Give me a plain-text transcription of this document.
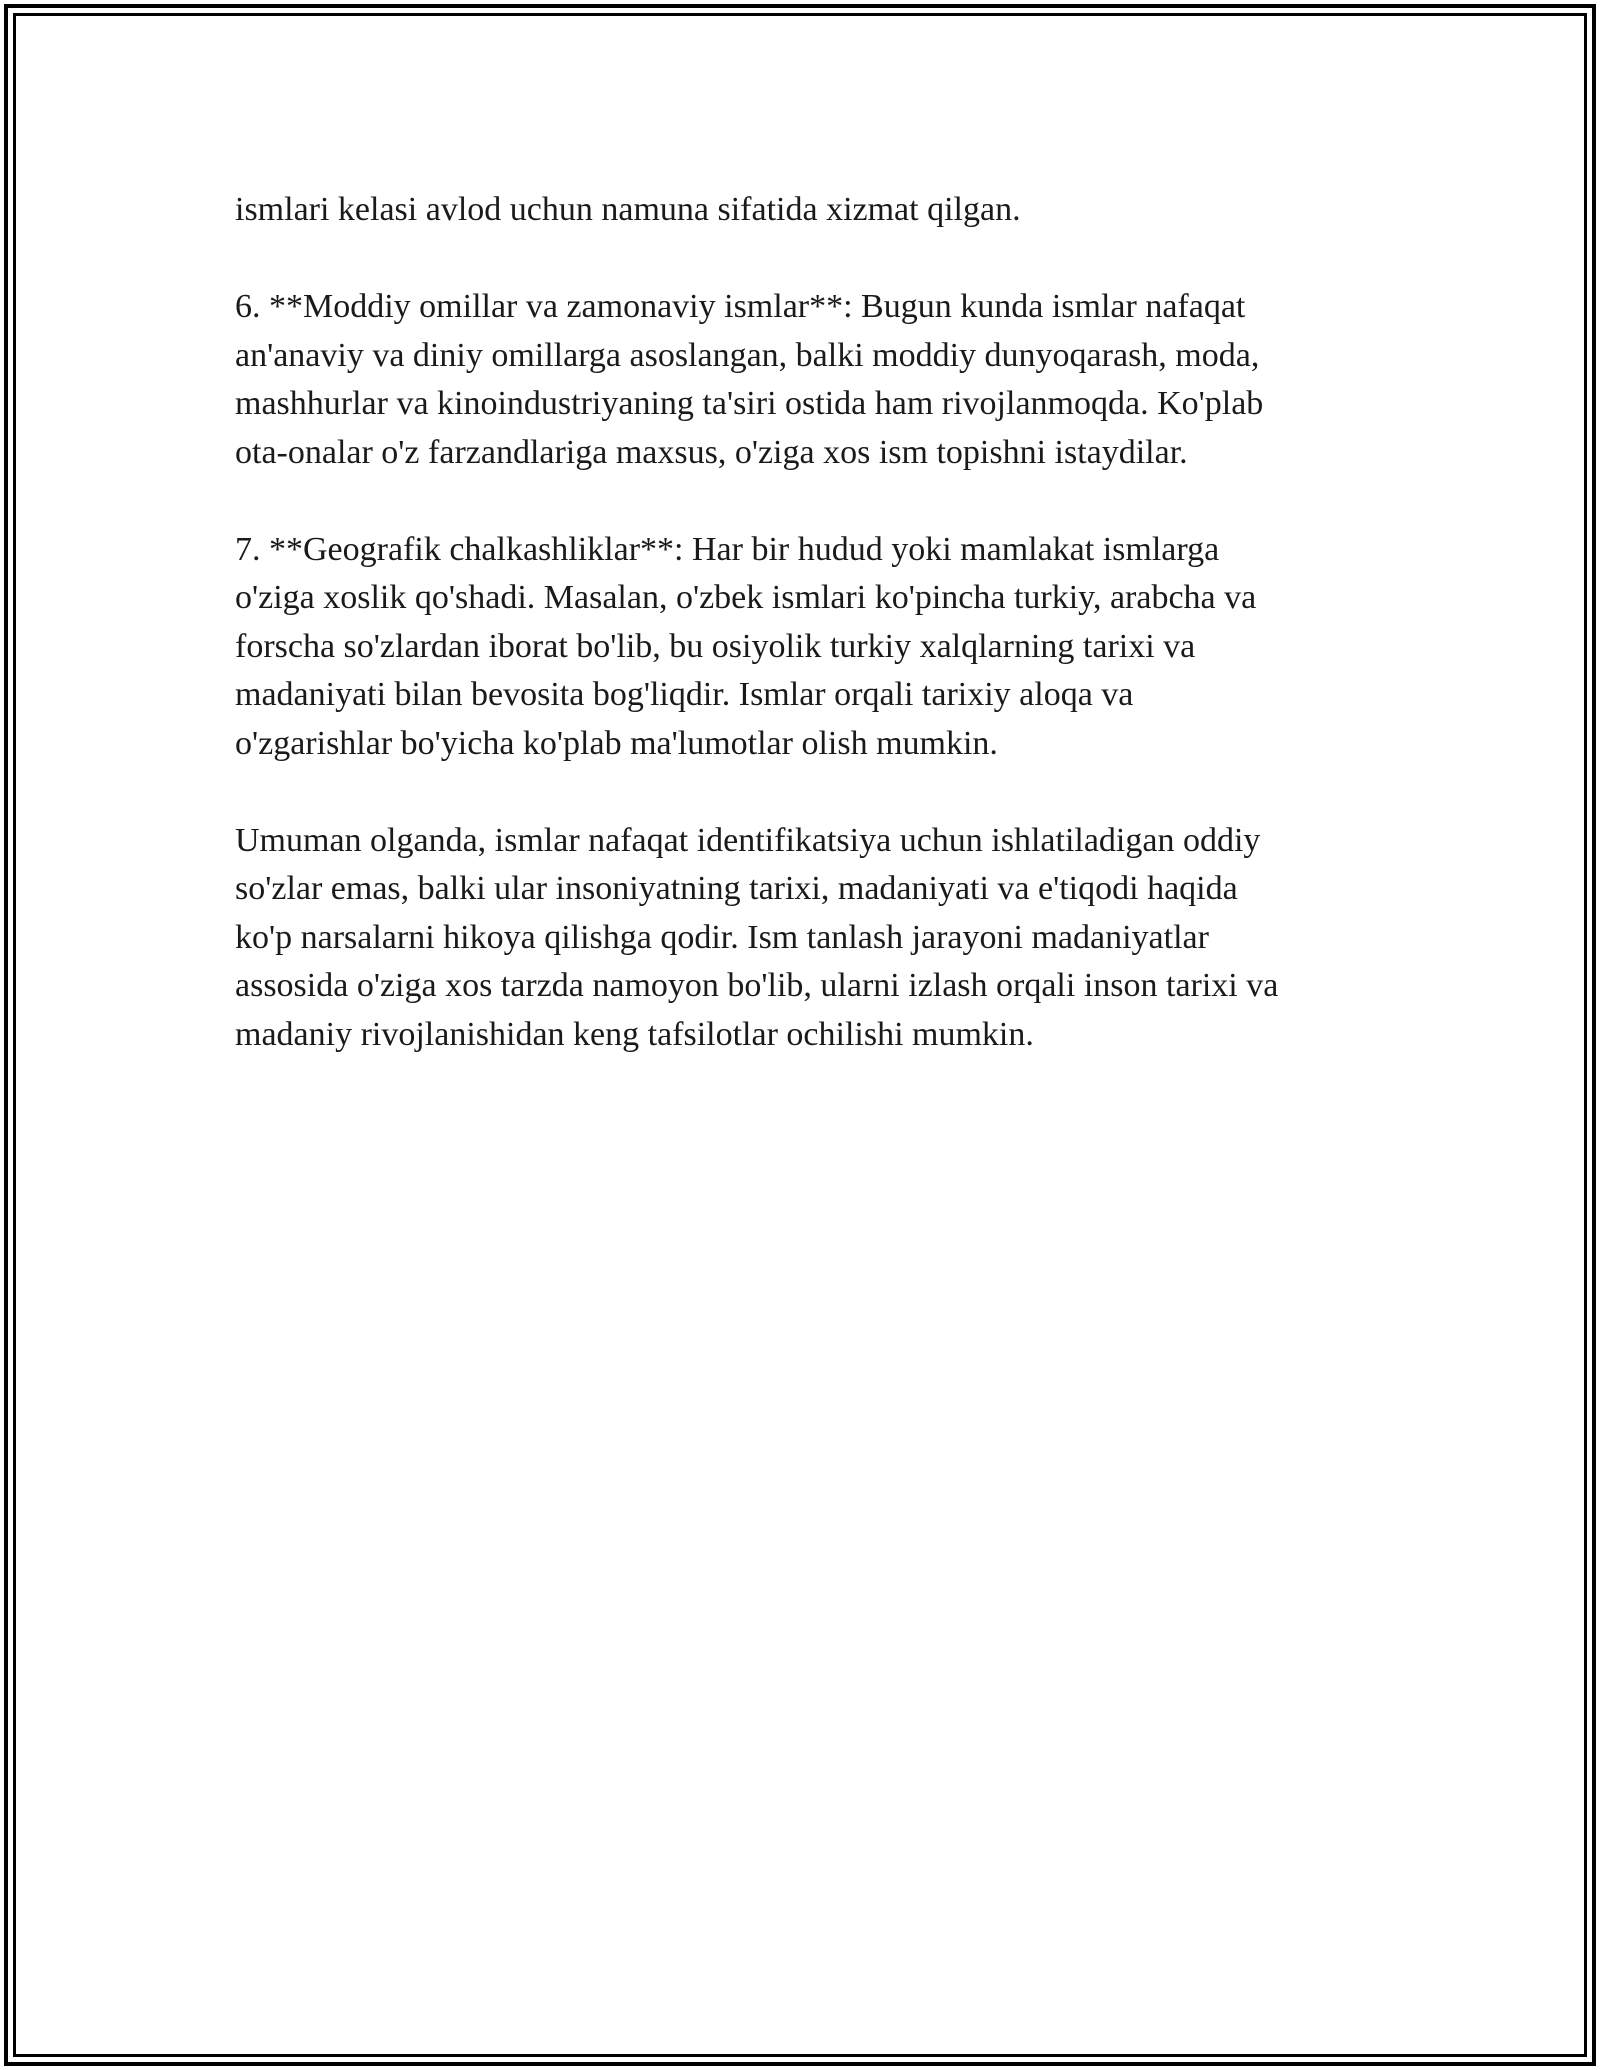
ismlari kelasi avlod uchun namuna sifatida xizmat qilgan.

6. **Moddiy omillar va zamonaviy ismlar**: Bugun kunda ismlar nafaqat
an'anaviy va diniy omillarga asoslangan, balki moddiy dunyoqarash, moda,
mashhurlar va kinoindustriyaning ta'siri ostida ham rivojlanmoqda. Ko'plab
ota-onalar o'z farzandlariga maxsus, o'ziga xos ism topishni istaydilar.

7. **Geografik chalkashliklar**: Har bir hudud yoki mamlakat ismlarga
o'ziga xoslik qo'shadi. Masalan, o'zbek ismlari ko'pincha turkiy, arabcha va
forscha so'zlardan iborat bo'lib, bu osiyolik turkiy xalqlarning tarixi va
madaniyati bilan bevosita bog'liqdir. Ismlar orqali tarixiy aloqa va
o'zgarishlar bo'yicha ko'plab ma'lumotlar olish mumkin.

Umuman olganda, ismlar nafaqat identifikatsiya uchun ishlatiladigan oddiy
so'zlar emas, balki ular insoniyatning tarixi, madaniyati va e'tiqodi haqida
ko'p narsalarni hikoya qilishga qodir. Ism tanlash jarayoni madaniyatlar
assosida o'ziga xos tarzda namoyon bo'lib, ularni izlash orqali inson tarixi va
madaniy rivojlanishidan keng tafsilotlar ochilishi mumkin.
